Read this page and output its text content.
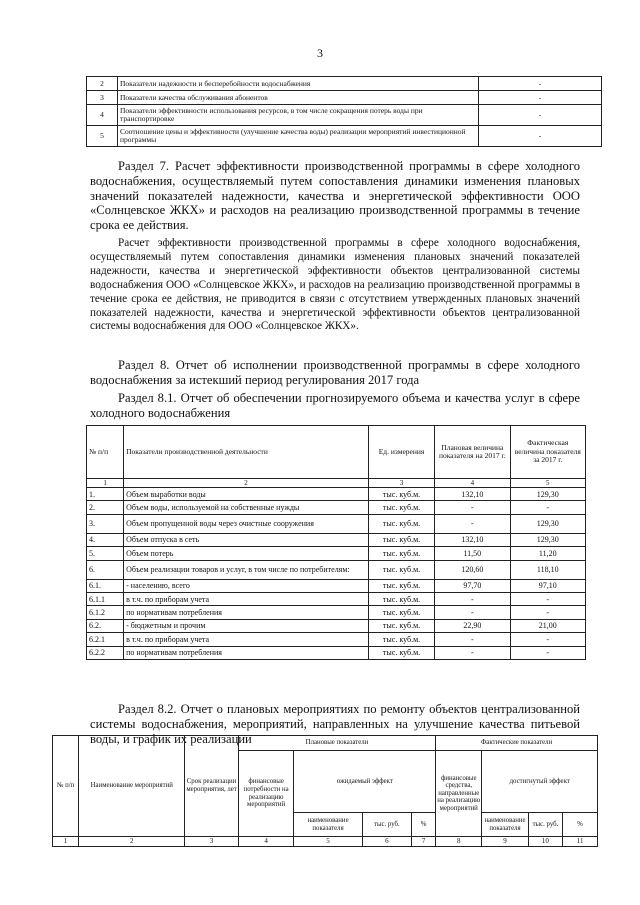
3
2	Показатели надежности и бесперебойности водоснабжения	-
3	Показатели качества обслуживания абонентов	-
4	Показатели эффективности использования ресурсов, в том числе сокращения потерь воды при транспортировке	-
5	Соотношение цены и эффективности (улучшение качества воды) реализации мероприятий инвестиционной программы	-

Раздел 7. Расчет эффективности производственной программы в сфере холодного водоснабжения, осуществляемый путем сопоставления динамики изменения плановых значений показателей надежности, качества и энергетической эффективности ООО «Солнцевское ЖКХ» и расходов на реализацию производственной программы в течение срока ее действия.

Расчет эффективности производственной программы в сфере холодного водоснабжения, осуществляемый путем сопоставления динамики изменения плановых значений показателей надежности, качества и энергетической эффективности объектов централизованной системы водоснабжения ООО «Солнцевское ЖКХ», и расходов на реализацию производственной программы в течение срока ее действия, не приводится в связи с отсутствием утвержденных плановых значений показателей надежности, качества и энергетической эффективности объектов централизованной системы водоснабжения для ООО «Солнцевское ЖКХ».

Раздел 8. Отчет об исполнении производственной программы в сфере холодного водоснабжения за истекший период регулирования 2017 года

Раздел 8.1. Отчет об обеспечении прогнозируемого объема и качества услуг в сфере холодного водоснабжения

№ п/п	Показатели производственной деятельности	Ед. измерения	Плановая величина показателя на 2017 г.	Фактическая величина показателя за 2017 г.
1	2	3	4	5
1.	Объем выработки воды	тыс. куб.м.	132,10	129,30
2.	Объем воды, используемой на собственные нужды	тыс. куб.м.	-	-
3.	Объем пропущенной воды через очистные сооружения	тыс. куб.м.	-	129,30
4.	Объем отпуска в сеть	тыс. куб.м.	132,10	129,30
5.	Объем потерь	тыс. куб.м.	11,50	11,20
6.	Объем реализации товаров и услуг, в том числе по потребителям:	тыс. куб.м.	120,60	118,10
6.1.	- населению, всего	тыс. куб.м.	97,70	97,10
6.1.1	в т.ч. по приборам учета	тыс. куб.м.	-	-
6.1.2	по нормативам потребления	тыс. куб.м.	-	-
6.2.	- бюджетным и прочим	тыс. куб.м.	22,90	21,00
6.2.1	в т.ч. по приборам учета	тыс. куб.м.	-	-
6.2.2	по нормативам потребления	тыс. куб.м.	-	-

Раздел 8.2. Отчет о плановых мероприятиях по ремонту объектов централизованной системы водоснабжения, мероприятий, направленных на улучшение качества питьевой воды, и график их реализации

№ п/п	Наименование мероприятий	Срок реализации мероприятия, лет	Плановые показатели				Фактические показатели			
			финансовые потребности на реализацию мероприятий	ожидаемый эффект			финансовые средства, направленные на реализацию мероприятий	достигнутый эффект		
				наименование показателя	тыс. руб.	%		наименование показателя	тыс. руб.	%
1	2	3	4	5	6	7	8	9	10	11
